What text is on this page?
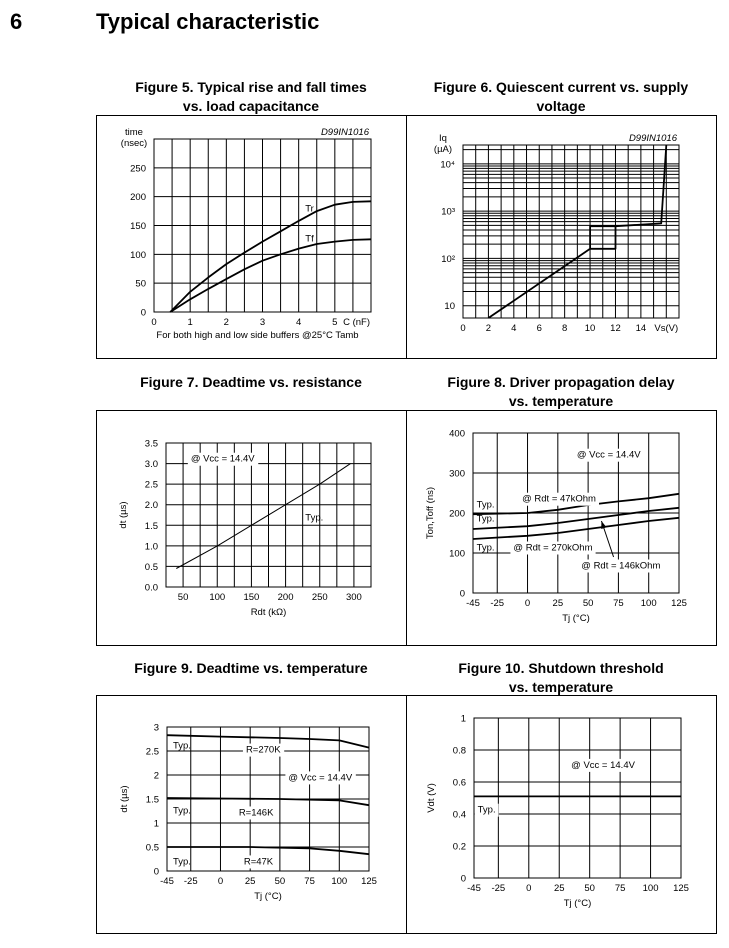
6	Typical characteristic
Figure 5. Typical rise and fall times
vs. load capacitance
Figure 6. Quiescent current vs. supply
voltage
Figure 7. Deadtime vs. resistance	Figure 8. Driver propagation delay
vs. temperature
Figure 9. Deadtime vs. temperature	Figure 10. Shutdown threshold
vs. temperature
Tr
Tf
0	1	2	3	4	5 C (nF)
0
50
100
150
200
250
time
(nsec)
For both high and low side buffers @25°C Tamb
D99IN1016
0 2 4 6 8 10 12 14 Vs(V)
10
10²
10³
10⁴
Iq
(µA)
D99IN1016
@ Vcc = 14.4V
Typ.
50 100 150 200 250 300
0.0
0.5
1.0
1.5
2.0
2.5
3.0
3.5
dt (µs)
Rdt (kΩ)
@ Vcc = 14.4V
@ Rdt = 47kOhm
Typ.
Typ.
Typ. @ Rdt = 270kOhm
@ Rdt = 146kOhm
-45 -25 0 25 50 75 100 125
0
100
200
300
400
Ton,Toff (ns)
Tj (°C)
Typ.	R=270K
@ Vcc = 14.4V
Typ.	R=146K
Typ.	R=47K
-45 -25 0 25 50 75 100 125
0
0.5
1
1.5
2
2.5
3
dt (µs)
Tj (°C)
@ Vcc = 14.4V
Typ.
-45 -25 0 25 50 75 100 125
0
0.2
0.4
0.6
0.8
1
Vdt (V)
Tj (°C)
